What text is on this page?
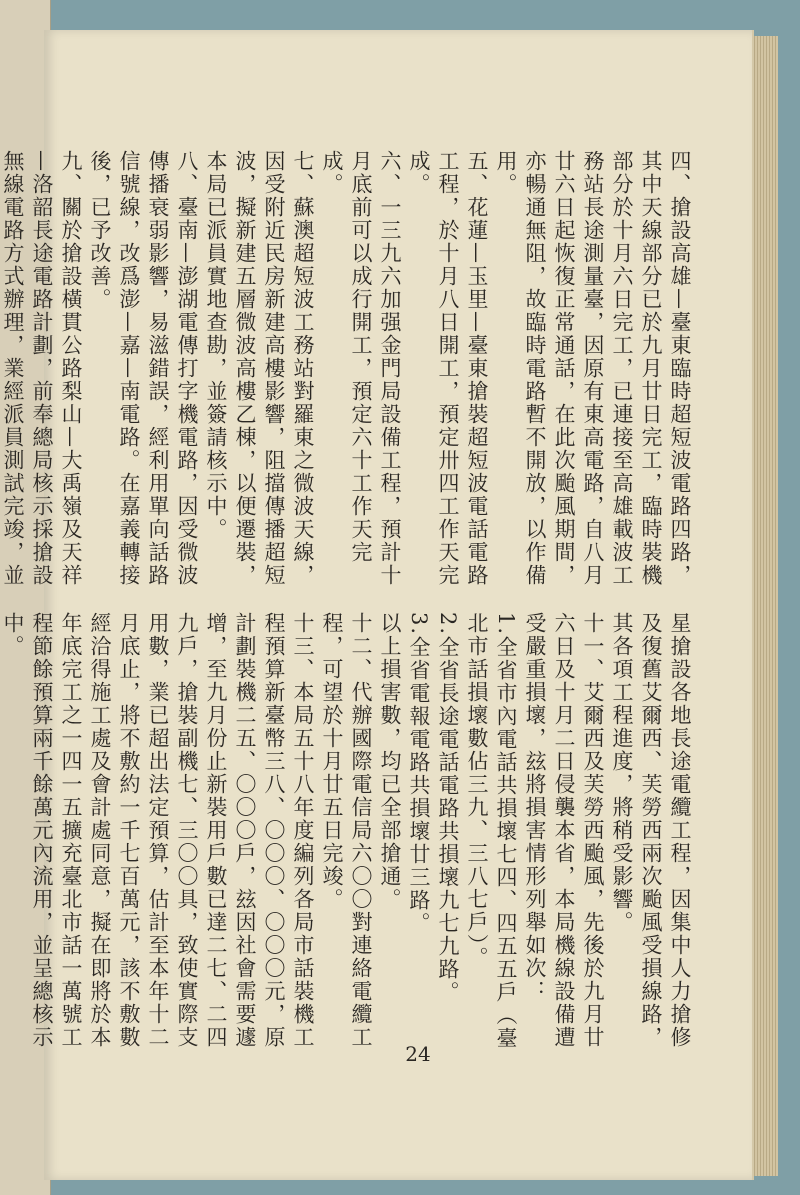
四、搶設高雄—臺東臨時超短波電路四路，其中天線部分已於九月廿日完工，臨時裝機部分於十月六日完工，已連接至高雄載波工務站長途測量臺，因原有東高電路，自八月廿六日起恢復正常通話，在此次颱風期間，亦暢通無阻，故臨時電路暫不開放，以作備用。

五、花蓮—玉里—臺東搶裝超短波電話電路工程，於十月八日開工，預定卅四工作天完成。

六、一三九六加强金門局設備工程，預計十月底前可以成行開工，預定六十工作天完成。

七、蘇澳超短波工務站對羅東之微波天線，因受附近民房新建高樓影響，阻擋傳播超短波，擬新建五層微波高樓乙棟，以便遷裝，本局已派員實地查勘，並簽請核示中。

八、臺南—澎湖電傳打字機電路，因受微波傳播衰弱影響，易滋錯誤，經利用單向話路信號線，改爲澎—嘉—南電路。在嘉義轉接後，已予改善。

九、關於搶設橫貫公路梨山—大禹嶺及天祥—洛韶長途電路計劃，前奉總局核示採搶設無線電路方式辦理，業經派員測試完竣，並

星搶設各地長途電纜工程，因集中人力搶修及復舊艾爾西、芙勞西兩次颱風受損線路，其各項工程進度，將稍受影響。

十一、艾爾西及芙勞西颱風，先後於九月廿六日及十月二日侵襲本省，本局機線設備遭受嚴重損壞，玆將損害情形列舉如次：

1.全省市內電話共損壞七四、四五五戶（臺北市話損壞數佔三九、三八七戶）。

2.全省長途電話電路共損壞九七九路。

3.全省電報電路共損壞廿三路。

以上損害數，均已全部搶通。

十二、代辦國際電信局六〇〇對連絡電纜工程，可望於十月廿五日完竣。

十三、本局五十八年度編列各局市話裝機工程預算新臺幣三八、〇〇〇、〇〇〇元，原計劃裝機二五、〇〇〇戶，玆因社會需要遽增，至九月份止新裝用戶數已達二七、二四九戶，搶裝副機七、三〇〇具，致使實際支用數，業已超出法定預算，估計至本年十二月底止，將不敷約一千七百萬元，該不敷數經洽得施工處及會計處同意，擬在即將於本年底完工之一四一五擴充臺北市話一萬號工程節餘預算兩千餘萬元內流用，並呈總核示中。

24
